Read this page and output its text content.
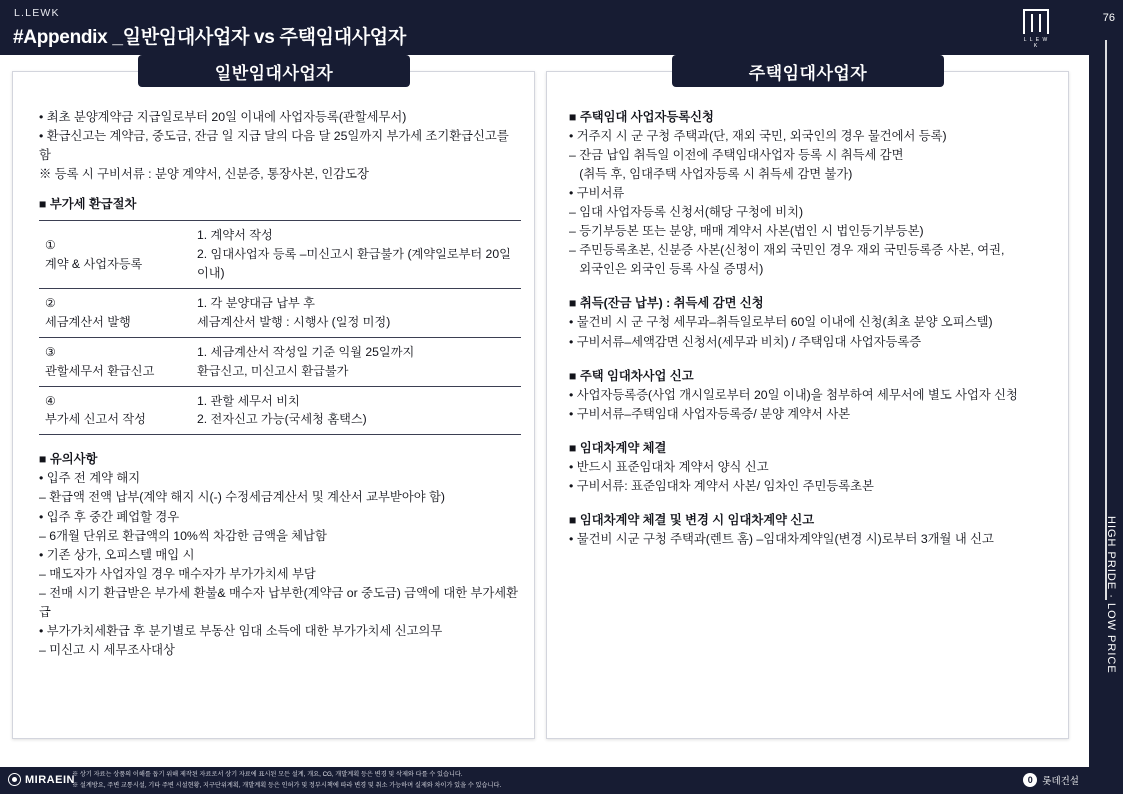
L.LEWK
#Appendix _일반임대사업자 vs 주택임대사업자	L L E W K
76
HIGH PRIDE · LOW PRICE
• 최초 분양계약금 지급일로부터 20일 이내에 사업자등록(관할세무서)
• 환급신고는 계약금, 중도금, 잔금 일 지급 달의 다음 달 25일까지 부가세 조기환급신고를 함
※ 등록 시 구비서류 : 분양 계약서, 신분증, 통장사본, 인감도장
■ 부가세 환급절차
①
계약 & 사업자등록	1. 계약서 작성
2. 임대사업자 등록 –미신고시 환급불가 (계약일로부터 20일 이내)

②
세금계산서 발행	1. 각 분양대금 납부 후
세금계산서 발행 : 시행사 (일정 미정)

③
관할세무서 환급신고	1. 세금계산서 작성일 기준 익월 25일까지
환급신고, 미신고시 환급불가

④
부가세 신고서 작성	1. 관할 세무서 비치
2. 전자신고 가능(국세청 홈택스)
■ 유의사항
• 입주 전 계약 해지
– 환급액 전액 납부(계약 해지 시(-) 수정세금계산서 및 계산서 교부받아야 함)
• 입주 후 중간 폐업할 경우
– 6개월 단위로 환급액의 10%씩 차감한 금액을 체납함
• 기존 상가, 오피스텔 매입 시
– 매도자가 사업자일 경우 매수자가 부가가치세 부담
– 전매 시기 환급받은 부가세 환불& 매수자 납부한(계약금 or 중도금) 금액에 대한 부가세환급
• 부가가치세환급 후 분기별로 부동산 임대 소득에 대한 부가가치세 신고의무
– 미신고 시 세무조사대상
■ 주택임대 사업자등록신청
• 거주지 시 군 구청 주택과(단, 재외 국민, 외국인의 경우 물건에서 등록)
– 잔금 납입 취득일 이전에 주택임대사업자 등록 시 취득세 감면
(취득 후, 임대주택 사업자등록 시 취득세 감면 불가)
• 구비서류
– 임대 사업자등록 신청서(해당 구청에 비치)
– 등기부등본 또는 분양, 매매 계약서 사본(법인 시 법인등기부등본)
– 주민등록초본, 신분증 사본(신청이 재외 국민인 경우 재외 국민등록증 사본, 여권,
외국인은 외국인 등록 사실 증명서)
■ 취득(잔금 납부) : 취득세 감면 신청
• 물건비 시 군 구청 세무과–취득일로부터 60일 이내에 신청(최초 분양 오피스텔)
• 구비서류–세액감면 신청서(세무과 비치) / 주택임대 사업자등록증
■ 주택 임대차사업 신고
• 사업자등록증(사업 개시일로부터 20일 이내)을 첨부하여 세무서에 별도 사업자 신청
• 구비서류–주택임대 사업자등록증/ 분양 계약서 사본
■ 임대차계약 체결
• 반드시 표준임대차 계약서 양식 신고
• 구비서류: 표준임대차 계약서 사본/ 임차인 주민등록초본
■ 임대차계약 체결 및 변경 시 임대차계약 신고
• 물건비 시군 구청 주택과(렌트 홈) –임대차계약일(변경 시)로부터 3개월 내 신고
일반임대사업자	주택임대사업자
MIRAEIN
※ 상기 자료는 상품의 이해를 돕기 위해 제작된 자료로서 상기 자료에 표시된 모든 설계, 개요, CG, 개발계획 등은 변경 및 삭제와 다를 수 있습니다.
※ 설계방요, 주변 교통시설, 기타 주변 시설현황, 지구단위계획, 개발계획 등은 인허가 및 정부시책에 따라 변경 및 취소 가능하며 실제와 차이가 있을 수 있습니다.
0	롯데건설
